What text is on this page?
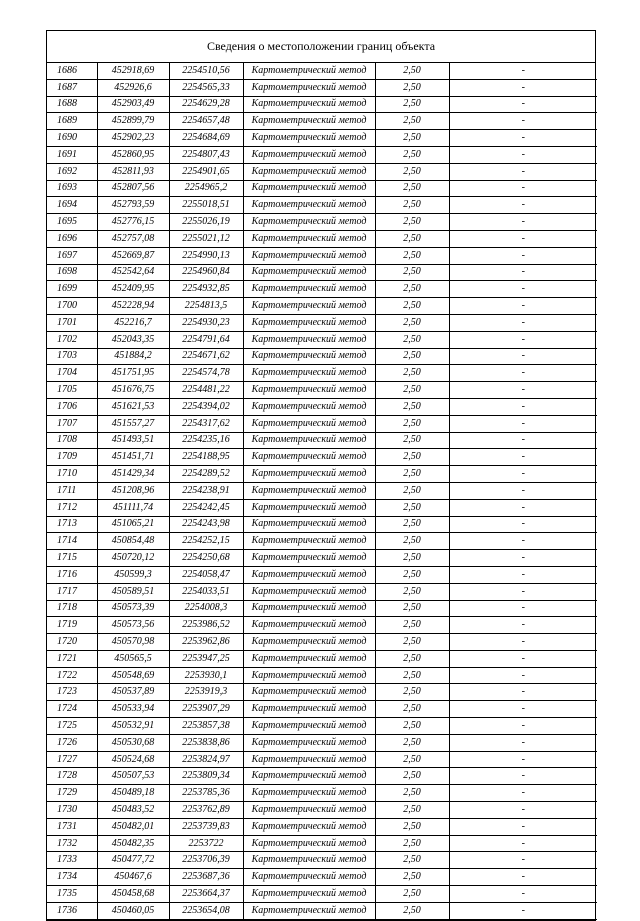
Сведения о местоположении границ объекта
1686	452918,69	2254510,56	Картометрический метод	2,50	-
1687	452926,6	2254565,33	Картометрический метод	2,50	-
1688	452903,49	2254629,28	Картометрический метод	2,50	-
1689	452899,79	2254657,48	Картометрический метод	2,50	-
1690	452902,23	2254684,69	Картометрический метод	2,50	-
1691	452860,95	2254807,43	Картометрический метод	2,50	-
1692	452811,93	2254901,65	Картометрический метод	2,50	-
1693	452807,56	2254965,2	Картометрический метод	2,50	-
1694	452793,59	2255018,51	Картометрический метод	2,50	-
1695	452776,15	2255026,19	Картометрический метод	2,50	-
1696	452757,08	2255021,12	Картометрический метод	2,50	-
1697	452669,87	2254990,13	Картометрический метод	2,50	-
1698	452542,64	2254960,84	Картометрический метод	2,50	-
1699	452409,95	2254932,85	Картометрический метод	2,50	-
1700	452228,94	2254813,5	Картометрический метод	2,50	-
1701	452216,7	2254930,23	Картометрический метод	2,50	-
1702	452043,35	2254791,64	Картометрический метод	2,50	-
1703	451884,2	2254671,62	Картометрический метод	2,50	-
1704	451751,95	2254574,78	Картометрический метод	2,50	-
1705	451676,75	2254481,22	Картометрический метод	2,50	-
1706	451621,53	2254394,02	Картометрический метод	2,50	-
1707	451557,27	2254317,62	Картометрический метод	2,50	-
1708	451493,51	2254235,16	Картометрический метод	2,50	-
1709	451451,71	2254188,95	Картометрический метод	2,50	-
1710	451429,34	2254289,52	Картометрический метод	2,50	-
1711	451208,96	2254238,91	Картометрический метод	2,50	-
1712	451111,74	2254242,45	Картометрический метод	2,50	-
1713	451065,21	2254243,98	Картометрический метод	2,50	-
1714	450854,48	2254252,15	Картометрический метод	2,50	-
1715	450720,12	2254250,68	Картометрический метод	2,50	-
1716	450599,3	2254058,47	Картометрический метод	2,50	-
1717	450589,51	2254033,51	Картометрический метод	2,50	-
1718	450573,39	2254008,3	Картометрический метод	2,50	-
1719	450573,56	2253986,52	Картометрический метод	2,50	-
1720	450570,98	2253962,86	Картометрический метод	2,50	-
1721	450565,5	2253947,25	Картометрический метод	2,50	-
1722	450548,69	2253930,1	Картометрический метод	2,50	-
1723	450537,89	2253919,3	Картометрический метод	2,50	-
1724	450533,94	2253907,29	Картометрический метод	2,50	-
1725	450532,91	2253857,38	Картометрический метод	2,50	-
1726	450530,68	2253838,86	Картометрический метод	2,50	-
1727	450524,68	2253824,97	Картометрический метод	2,50	-
1728	450507,53	2253809,34	Картометрический метод	2,50	-
1729	450489,18	2253785,36	Картометрический метод	2,50	-
1730	450483,52	2253762,89	Картометрический метод	2,50	-
1731	450482,01	2253739,83	Картометрический метод	2,50	-
1732	450482,35	2253722	Картометрический метод	2,50	-
1733	450477,72	2253706,39	Картометрический метод	2,50	-
1734	450467,6	2253687,36	Картометрический метод	2,50	-
1735	450458,68	2253664,37	Картометрический метод	2,50	-
1736	450460,05	2253654,08	Картометрический метод	2,50	-
